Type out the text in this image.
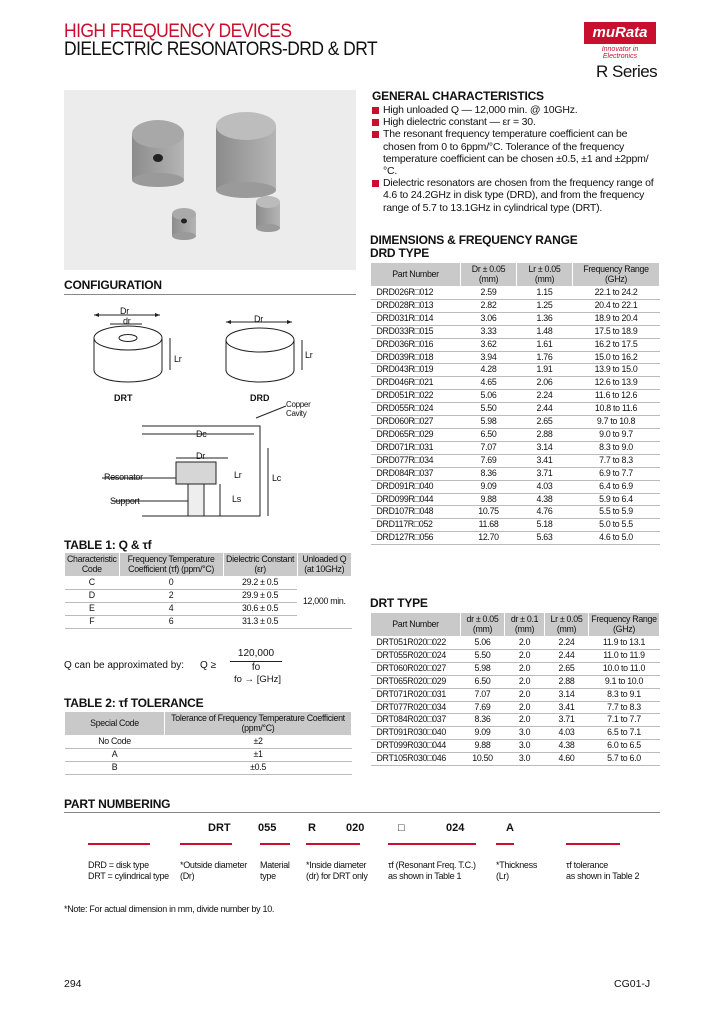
HIGH FREQUENCY DEVICES
DIELECTRIC RESONATORS-DRD & DRT
muRata
Innovator in Electronics
R Series
GENERAL CHARACTERISTICS
High unloaded Q — 12,000 min. @ 10GHz.
High dielectric constant — εr = 30.
The resonant frequency temperature coefficient can be chosen from 0 to 6ppm/°C. Tolerance of the frequency temperature coefficient can be chosen ±0.5, ±1 and ±2ppm/°C.
Dielectric resonators are chosen from the frequency range of 4.6 to 24.2GHz in disk type (DRD), and from the frequency range of 5.7 to 13.1GHz in cylindrical type (DRT).
CONFIGURATION
Dr
dr
Lr
Dr
Lr
DRT	DRD
Dc
Dr
Lr	Lc
Ls
Copper Cavity
Resonator
Support
TABLE 1: Q & τf
Characteristic Code	Frequency Temperature Coefficient (τf) (ppm/°C)	Dielectric Constant (εr)	Unloaded Q (at 10GHz)
C	0	29.2 ± 0.5	12,000 min.
D	2	29.9 ± 0.5	
E	4	30.6 ± 0.5	
F	6	31.3 ± 0.5	
Q can be approximated by: Q ≥
120,000
fo
fo → [GHz]
TABLE 2: τf TOLERANCE
Special Code	Tolerance of Frequency Temperature Coefficient (ppm/°C)
No Code	±2
A	±1
B	±0.5
DIMENSIONS & FREQUENCY RANGE
DRD TYPE
Part Number	Dr ± 0.05 (mm)	Lr ± 0.05 (mm)	Frequency Range (GHz)
DRD026R□012	2.59	1.15	22.1 to 24.2
DRD028R□013	2.82	1.25	20.4 to 22.1
DRD031R□014	3.06	1.36	18.9 to 20.4
DRD033R□015	3.33	1.48	17.5 to 18.9
DRD036R□016	3.62	1.61	16.2 to 17.5
DRD039R□018	3.94	1.76	15.0 to 16.2
DRD043R□019	4.28	1.91	13.9 to 15.0
DRD046R□021	4.65	2.06	12.6 to 13.9
DRD051R□022	5.06	2.24	11.6 to 12.6
DRD055R□024	5.50	2.44	10.8 to 11.6
DRD060R□027	5.98	2.65	9.7 to 10.8
DRD065R□029	6.50	2.88	9.0 to 9.7
DRD071R□031	7.07	3.14	8.3 to 9.0
DRD077R□034	7.69	3.41	7.7 to 8.3
DRD084R□037	8.36	3.71	6.9 to 7.7
DRD091R□040	9.09	4.03	6.4 to 6.9
DRD099R□044	9.88	4.38	5.9 to 6.4
DRD107R□048	10.75	4.76	5.5 to 5.9
DRD117R□052	11.68	5.18	5.0 to 5.5
DRD127R□056	12.70	5.63	4.6 to 5.0
DRT TYPE
Part Number	dr ± 0.05 (mm)	dr ± 0.1 (mm)	Lr ± 0.05 (mm)	Frequency Range (GHz)
DRT051R020□022	5.06	2.0	2.24	11.9 to 13.1
DRT055R020□024	5.50	2.0	2.44	11.0 to 11.9
DRT060R020□027	5.98	2.0	2.65	10.0 to 11.0
DRT065R020□029	6.50	2.0	2.88	9.1 to 10.0
DRT071R020□031	7.07	2.0	3.14	8.3 to 9.1
DRT077R020□034	7.69	2.0	3.41	7.7 to 8.3
DRT084R020□037	8.36	2.0	3.71	7.1 to 7.7
DRT091R030□040	9.09	3.0	4.03	6.5 to 7.1
DRT099R030□044	9.88	3.0	4.38	6.0 to 6.5
DRT105R030□046	10.50	3.0	4.60	5.7 to 6.0
PART NUMBERING
DRT 055	R	020	□	024	A
DRD = disk type
DRT = cylindrical type
*Outside diameter
(Dr)
Material
type
*Inside diameter
(dr) for DRT only
τf (Resonant Freq. T.C.)
as shown in Table 1
*Thickness
(Lr)
τf tolerance
as shown in Table 2
*Note: For actual dimension in mm, divide number by 10.
294	CG01-J
